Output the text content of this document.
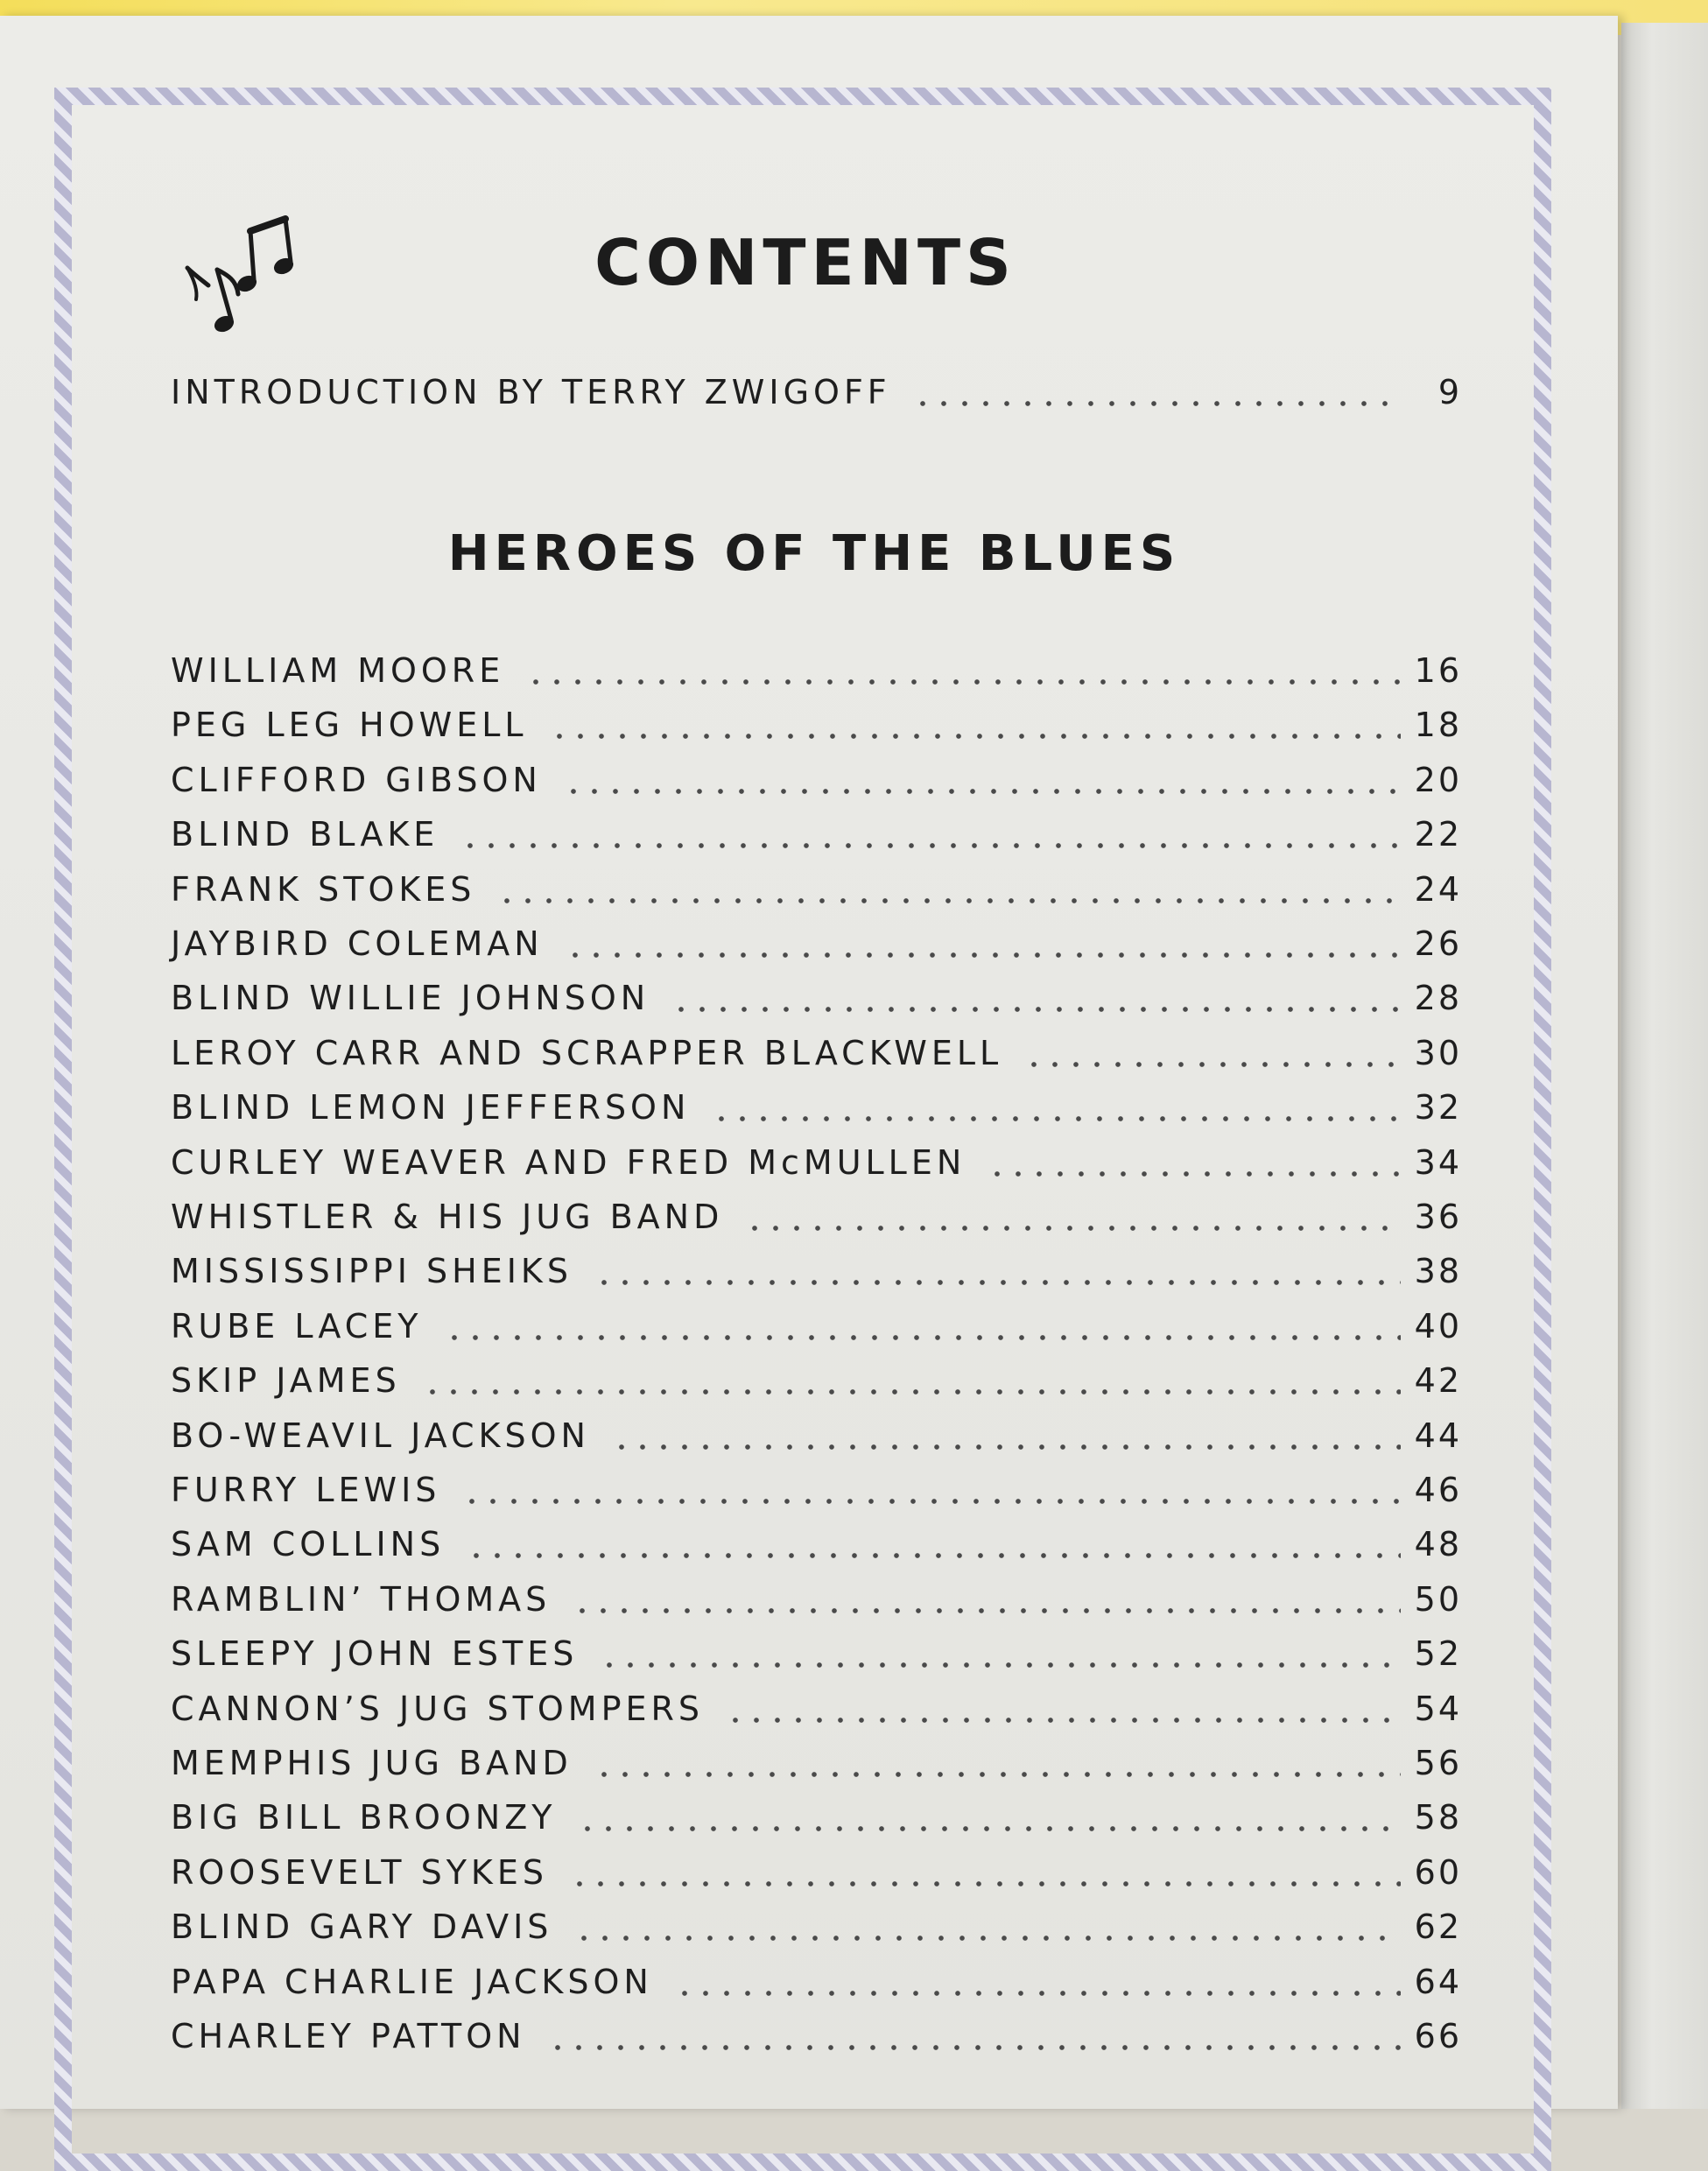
CONTENTS
INTRODUCTION BY TERRY ZWIGOFF	9
HEROES OF THE BLUES
WILLIAM MOORE	16
PEG LEG HOWELL	18
CLIFFORD GIBSON	20
BLIND BLAKE	22
FRANK STOKES	24
JAYBIRD COLEMAN	26
BLIND WILLIE JOHNSON	28
LEROY CARR AND SCRAPPER BLACKWELL	30
BLIND LEMON JEFFERSON	32
CURLEY WEAVER AND FRED McMULLEN	34
WHISTLER & HIS JUG BAND	36
MISSISSIPPI SHEIKS	38
RUBE LACEY	40
SKIP JAMES	42
BO-WEAVIL JACKSON	44
FURRY LEWIS	46
SAM COLLINS	48
RAMBLIN’ THOMAS	50
SLEEPY JOHN ESTES	52
CANNON’S JUG STOMPERS	54
MEMPHIS JUG BAND	56
BIG BILL BROONZY	58
ROOSEVELT SYKES	60
BLIND GARY DAVIS	62
PAPA CHARLIE JACKSON	64
CHARLEY PATTON	66
